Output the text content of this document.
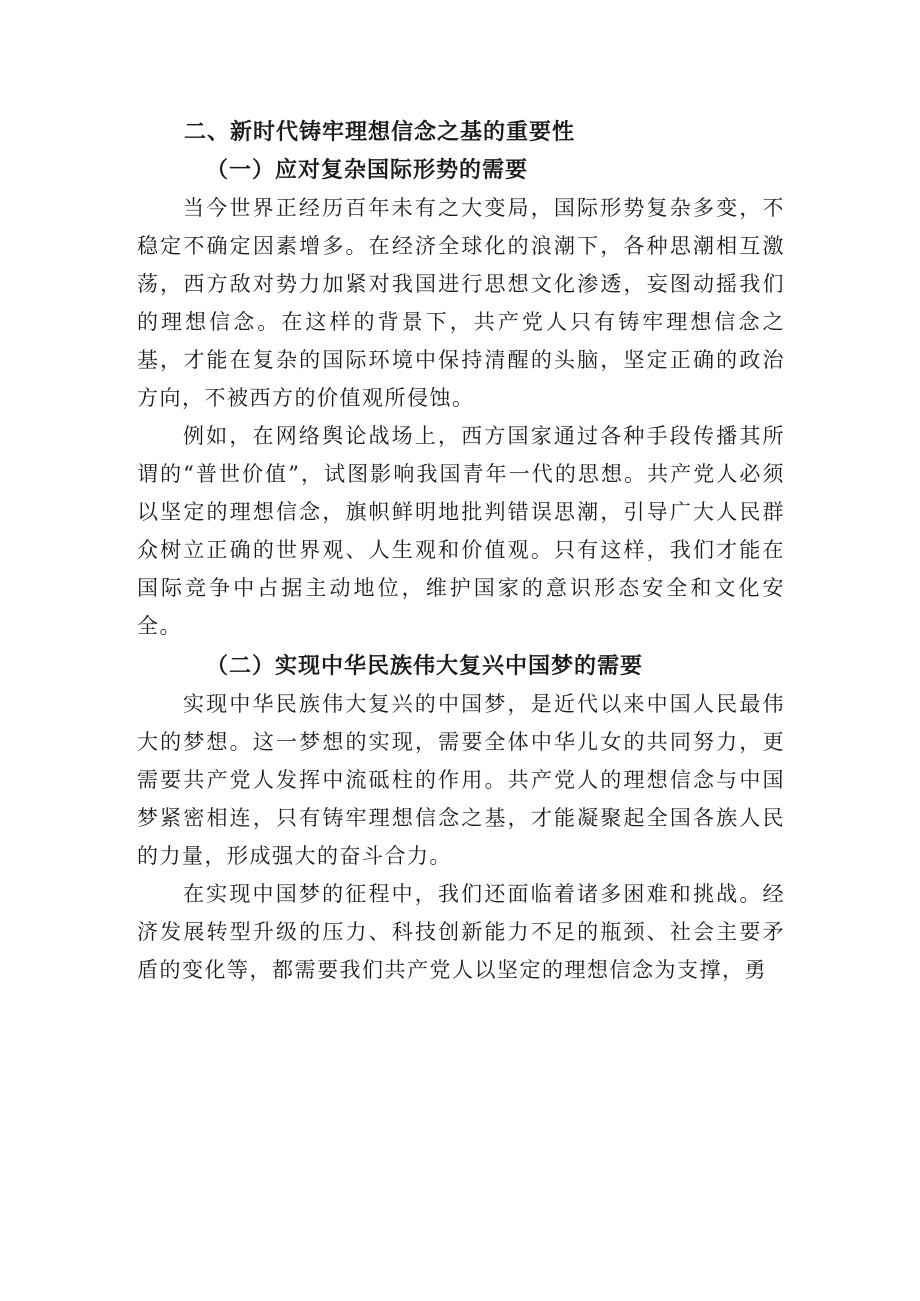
二、新时代铸牢理想信念之基的重要性
（一）应对复杂国际形势的需要

当今世界正经历百年未有之大变局，国际形势复杂多变，不稳定不确定因素增多。在经济全球化的浪潮下，各种思潮相互激荡，西方敌对势力加紧对我国进行思想文化渗透，妄图动摇我们的理想信念。在这样的背景下，共产党人只有铸牢理想信念之基，才能在复杂的国际环境中保持清醒的头脑，坚定正确的政治方向，不被西方的价值观所侵蚀。

例如，在网络舆论战场上，西方国家通过各种手段传播其所谓的“普世价值”，试图影响我国青年一代的思想。共产党人必须以坚定的理想信念，旗帜鲜明地批判错误思潮，引导广大人民群众树立正确的世界观、人生观和价值观。只有这样，我们才能在国际竞争中占据主动地位，维护国家的意识形态安全和文化安全。

（二）实现中华民族伟大复兴中国梦的需要

实现中华民族伟大复兴的中国梦，是近代以来中国人民最伟大的梦想。这一梦想的实现，需要全体中华儿女的共同努力，更需要共产党人发挥中流砥柱的作用。共产党人的理想信念与中国梦紧密相连，只有铸牢理想信念之基，才能凝聚起全国各族人民的力量，形成强大的奋斗合力。

在实现中国梦的征程中，我们还面临着诸多困难和挑战。经济发展转型升级的压力、科技创新能力不足的瓶颈、社会主要矛盾的变化等，都需要我们共产党人以坚定的理想信念为支撑，勇
